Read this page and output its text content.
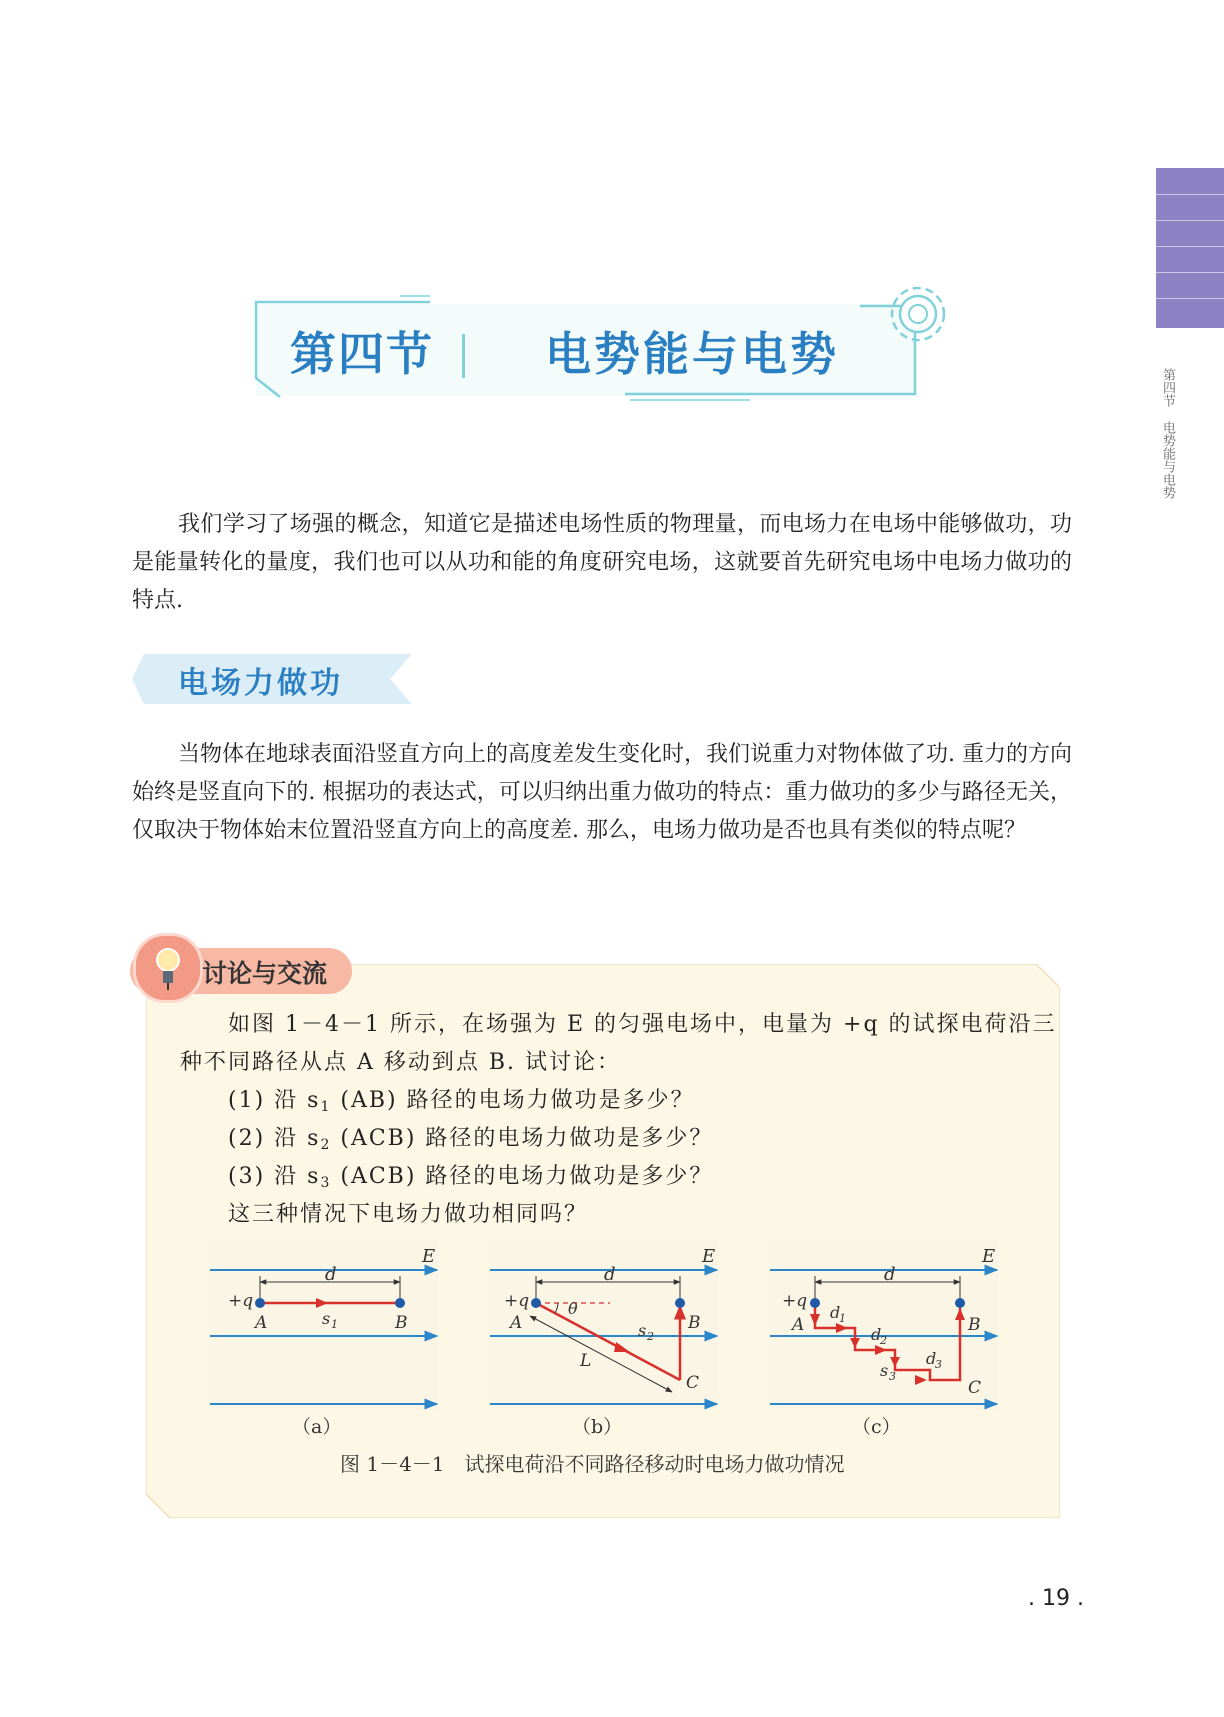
第四节电势能与电势
第四节 电势能与电势

我们学习了场强的概念，知道它是描述电场性质的物理量，而电场力在电场中能够做功，功是能量转化的量度，我们也可以从功和能的角度研究电场，这就要首先研究电场中电场力做功的特点.

电场力做功

当物体在地球表面沿竖直方向上的高度差发生变化时，我们说重力对物体做了功. 重力的方向始终是竖直向下的. 根据功的表达式，可以归纳出重力做功的特点：重力做功的多少与路径无关，仅取决于物体始末位置沿竖直方向上的高度差. 那么，电场力做功是否也具有类似的特点呢？

讨论与交流
如图 1－4－1 所示，在场强为 E 的匀强电场中，电量为 +q 的试探电荷沿三
种不同路径从点 A 移动到点 B. 试讨论：
(1) 沿 $s_1$ (AB) 路径的电场力做功是多少？
(2) 沿 $s_2$ (ACB) 路径的电场力做功是多少？
(3) 沿 $s_3$ (ACB) 路径的电场力做功是多少？
这三种情况下电场力做功相同吗？
E
d
+q
A	B
s 1
E
d
+q
A	B
C
θ
s 2
L
E
d
+q
A	B
C
d
1
d
2
s 3
d
3
（a）	（b）	（c）
图 1－4－1　试探电荷沿不同路径移动时电场力做功情况
. 19 .
